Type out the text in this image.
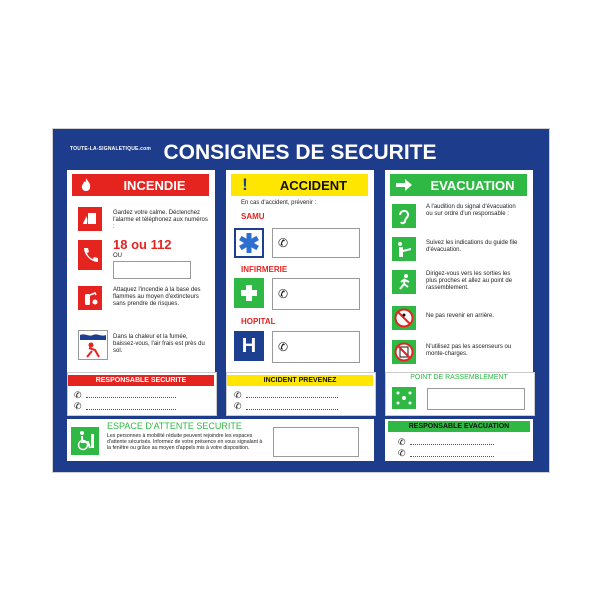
TOUTE-LA-SIGNALETIQUE.com CONSIGNES DE SECURITE
INCENDIE
Gardez votre calme. Déclenchez l'alarme et téléphonez aux numéros :
18 ou 112
OU
Attaquez l'incendie à la base des flammes au moyen d'extincteurs sans prendre de risques.
Dans la chaleur et la fumée, baissez-vous, l'air frais est près du sol.
RESPONSABLE SECURITE
✆
✆
!	ACCIDENT
En cas d'accident, prévenir :
SAMU
✆
INFIRMERIE
✆
HOPITAL
H	✆
INCIDENT PREVENEZ
✆
✆
EVACUATION
A l'audition du signal d'évacuation ou sur ordre d'un responsable :
Suivez les indications du guide file d'évacuation.
Dirigez-vous vers les sorties les plus proches et allez au point de rassemblement.
Ne pas revenir en arrière.
N'utilisez pas les ascenseurs ou monte-charges.
POINT DE RASSEMBLEMENT
ESPACE D'ATTENTE SECURITE
Les personnes à mobilité réduite peuvent rejoindre les espaces d'attente sécurisés. Informez de votre présence en vous signalant à la fenêtre ou grâce au moyen d'appels mis à votre disposition.
RESPONSABLE EVACUATION
✆
✆
